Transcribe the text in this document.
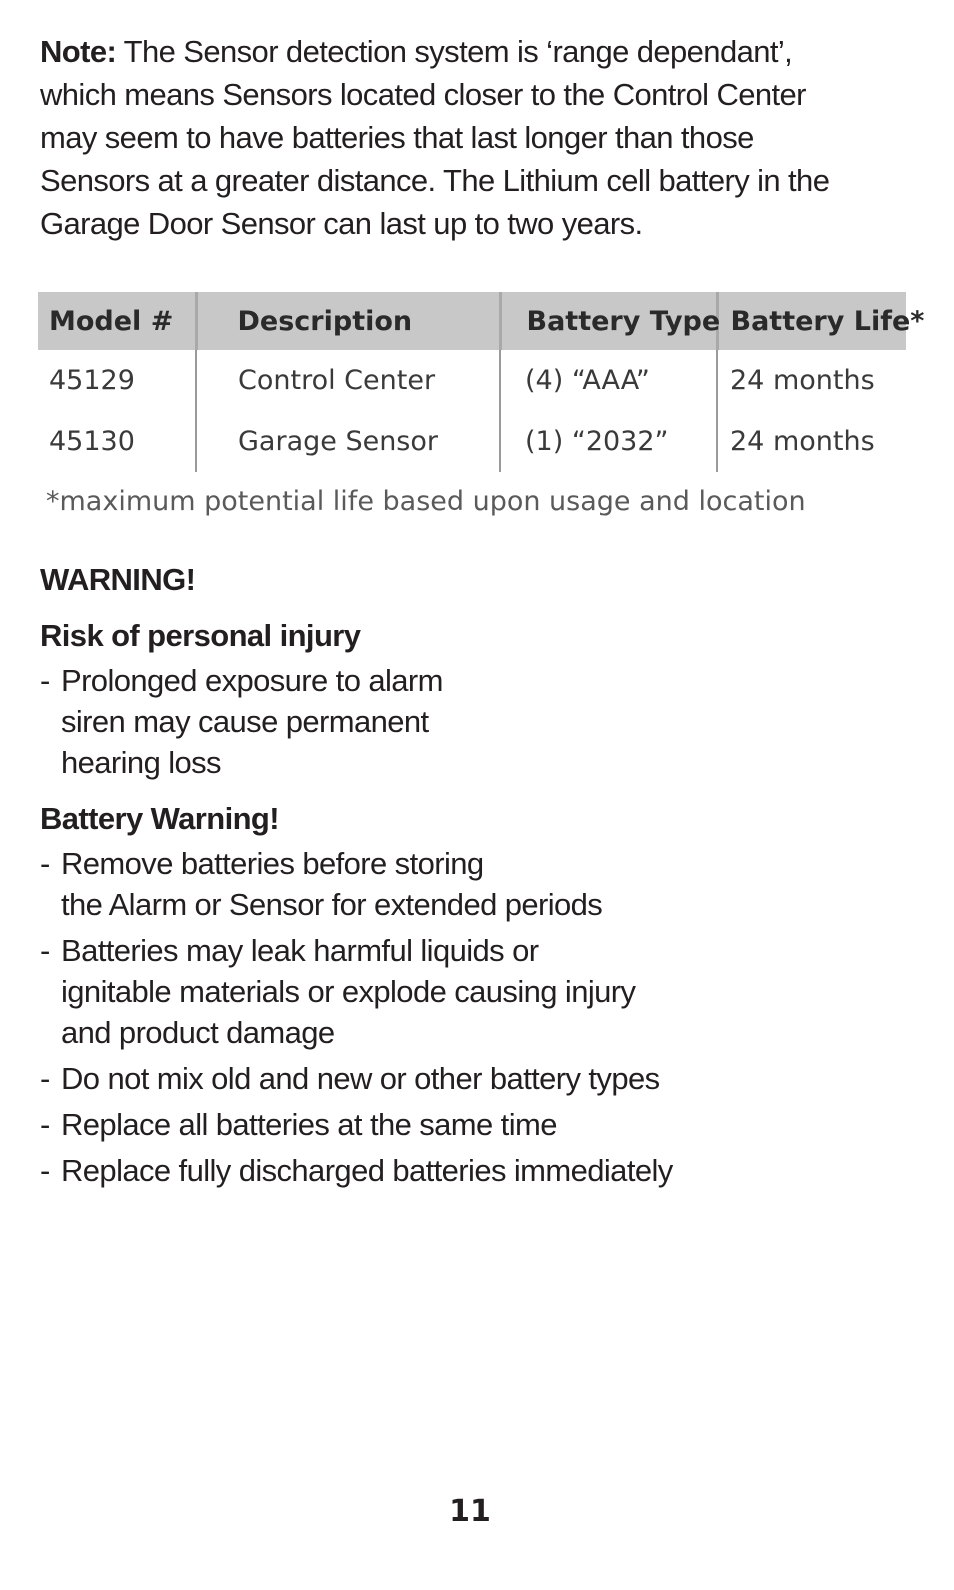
Note: The Sensor detection system is ‘range dependant’,
which means Sensors located closer to the Control Center
may seem to have batteries that last longer than those
Sensors at a greater distance. The Lithium cell battery in the
Garage Door Sensor can last up to two years.

Model #	Description	Battery Type	Battery Life*
45129	Control Center	(4) “AAA”	24 months
45130	Garage Sensor	(1) “2032”	24 months

*maximum potential life based upon usage and location

WARNING!
Risk of personal injury
- Prolonged exposure to alarm
siren may cause permanent
hearing loss
Battery Warning!
- Remove batteries before storing
the Alarm or Sensor for extended periods
- Batteries may leak harmful liquids or
ignitable materials or explode causing injury
and product damage
- Do not mix old and new or other battery types
- Replace all batteries at the same time
- Replace fully discharged batteries immediately

11
